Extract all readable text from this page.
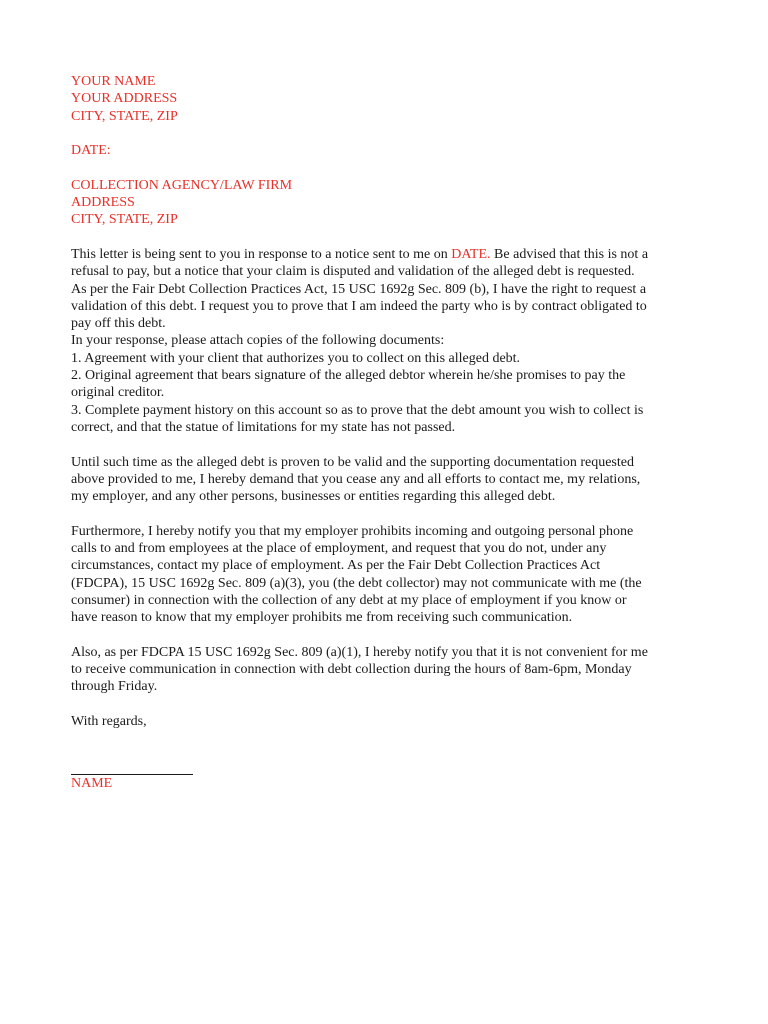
YOUR NAME
YOUR ADDRESS
CITY, STATE, ZIP
DATE:
COLLECTION AGENCY/LAW FIRM
ADDRESS
CITY, STATE, ZIP
This letter is being sent to you in response to a notice sent to me on DATE. Be advised that this is not a
refusal to pay, but a notice that your claim is disputed and validation of the alleged debt is requested.
As per the Fair Debt Collection Practices Act, 15 USC 1692g Sec. 809 (b), I have the right to request a
validation of this debt. I request you to prove that I am indeed the party who is by contract obligated to
pay off this debt.
In your response, please attach copies of the following documents:
1. Agreement with your client that authorizes you to collect on this alleged debt.
2. Original agreement that bears signature of the alleged debtor wherein he/she promises to pay the
original creditor.
3. Complete payment history on this account so as to prove that the debt amount you wish to collect is
correct, and that the statue of limitations for my state has not passed.
Until such time as the alleged debt is proven to be valid and the supporting documentation requested
above provided to me, I hereby demand that you cease any and all efforts to contact me, my relations,
my employer, and any other persons, businesses or entities regarding this alleged debt.
Furthermore, I hereby notify you that my employer prohibits incoming and outgoing personal phone
calls to and from employees at the place of employment, and request that you do not, under any
circumstances, contact my place of employment. As per the Fair Debt Collection Practices Act
(FDCPA), 15 USC 1692g Sec. 809 (a)(3), you (the debt collector) may not communicate with me (the
consumer) in connection with the collection of any debt at my place of employment if you know or
have reason to know that my employer prohibits me from receiving such communication.
Also, as per FDCPA 15 USC 1692g Sec. 809 (a)(1), I hereby notify you that it is not convenient for me
to receive communication in connection with debt collection during the hours of 8am-6pm, Monday
through Friday.
With regards,
NAME
